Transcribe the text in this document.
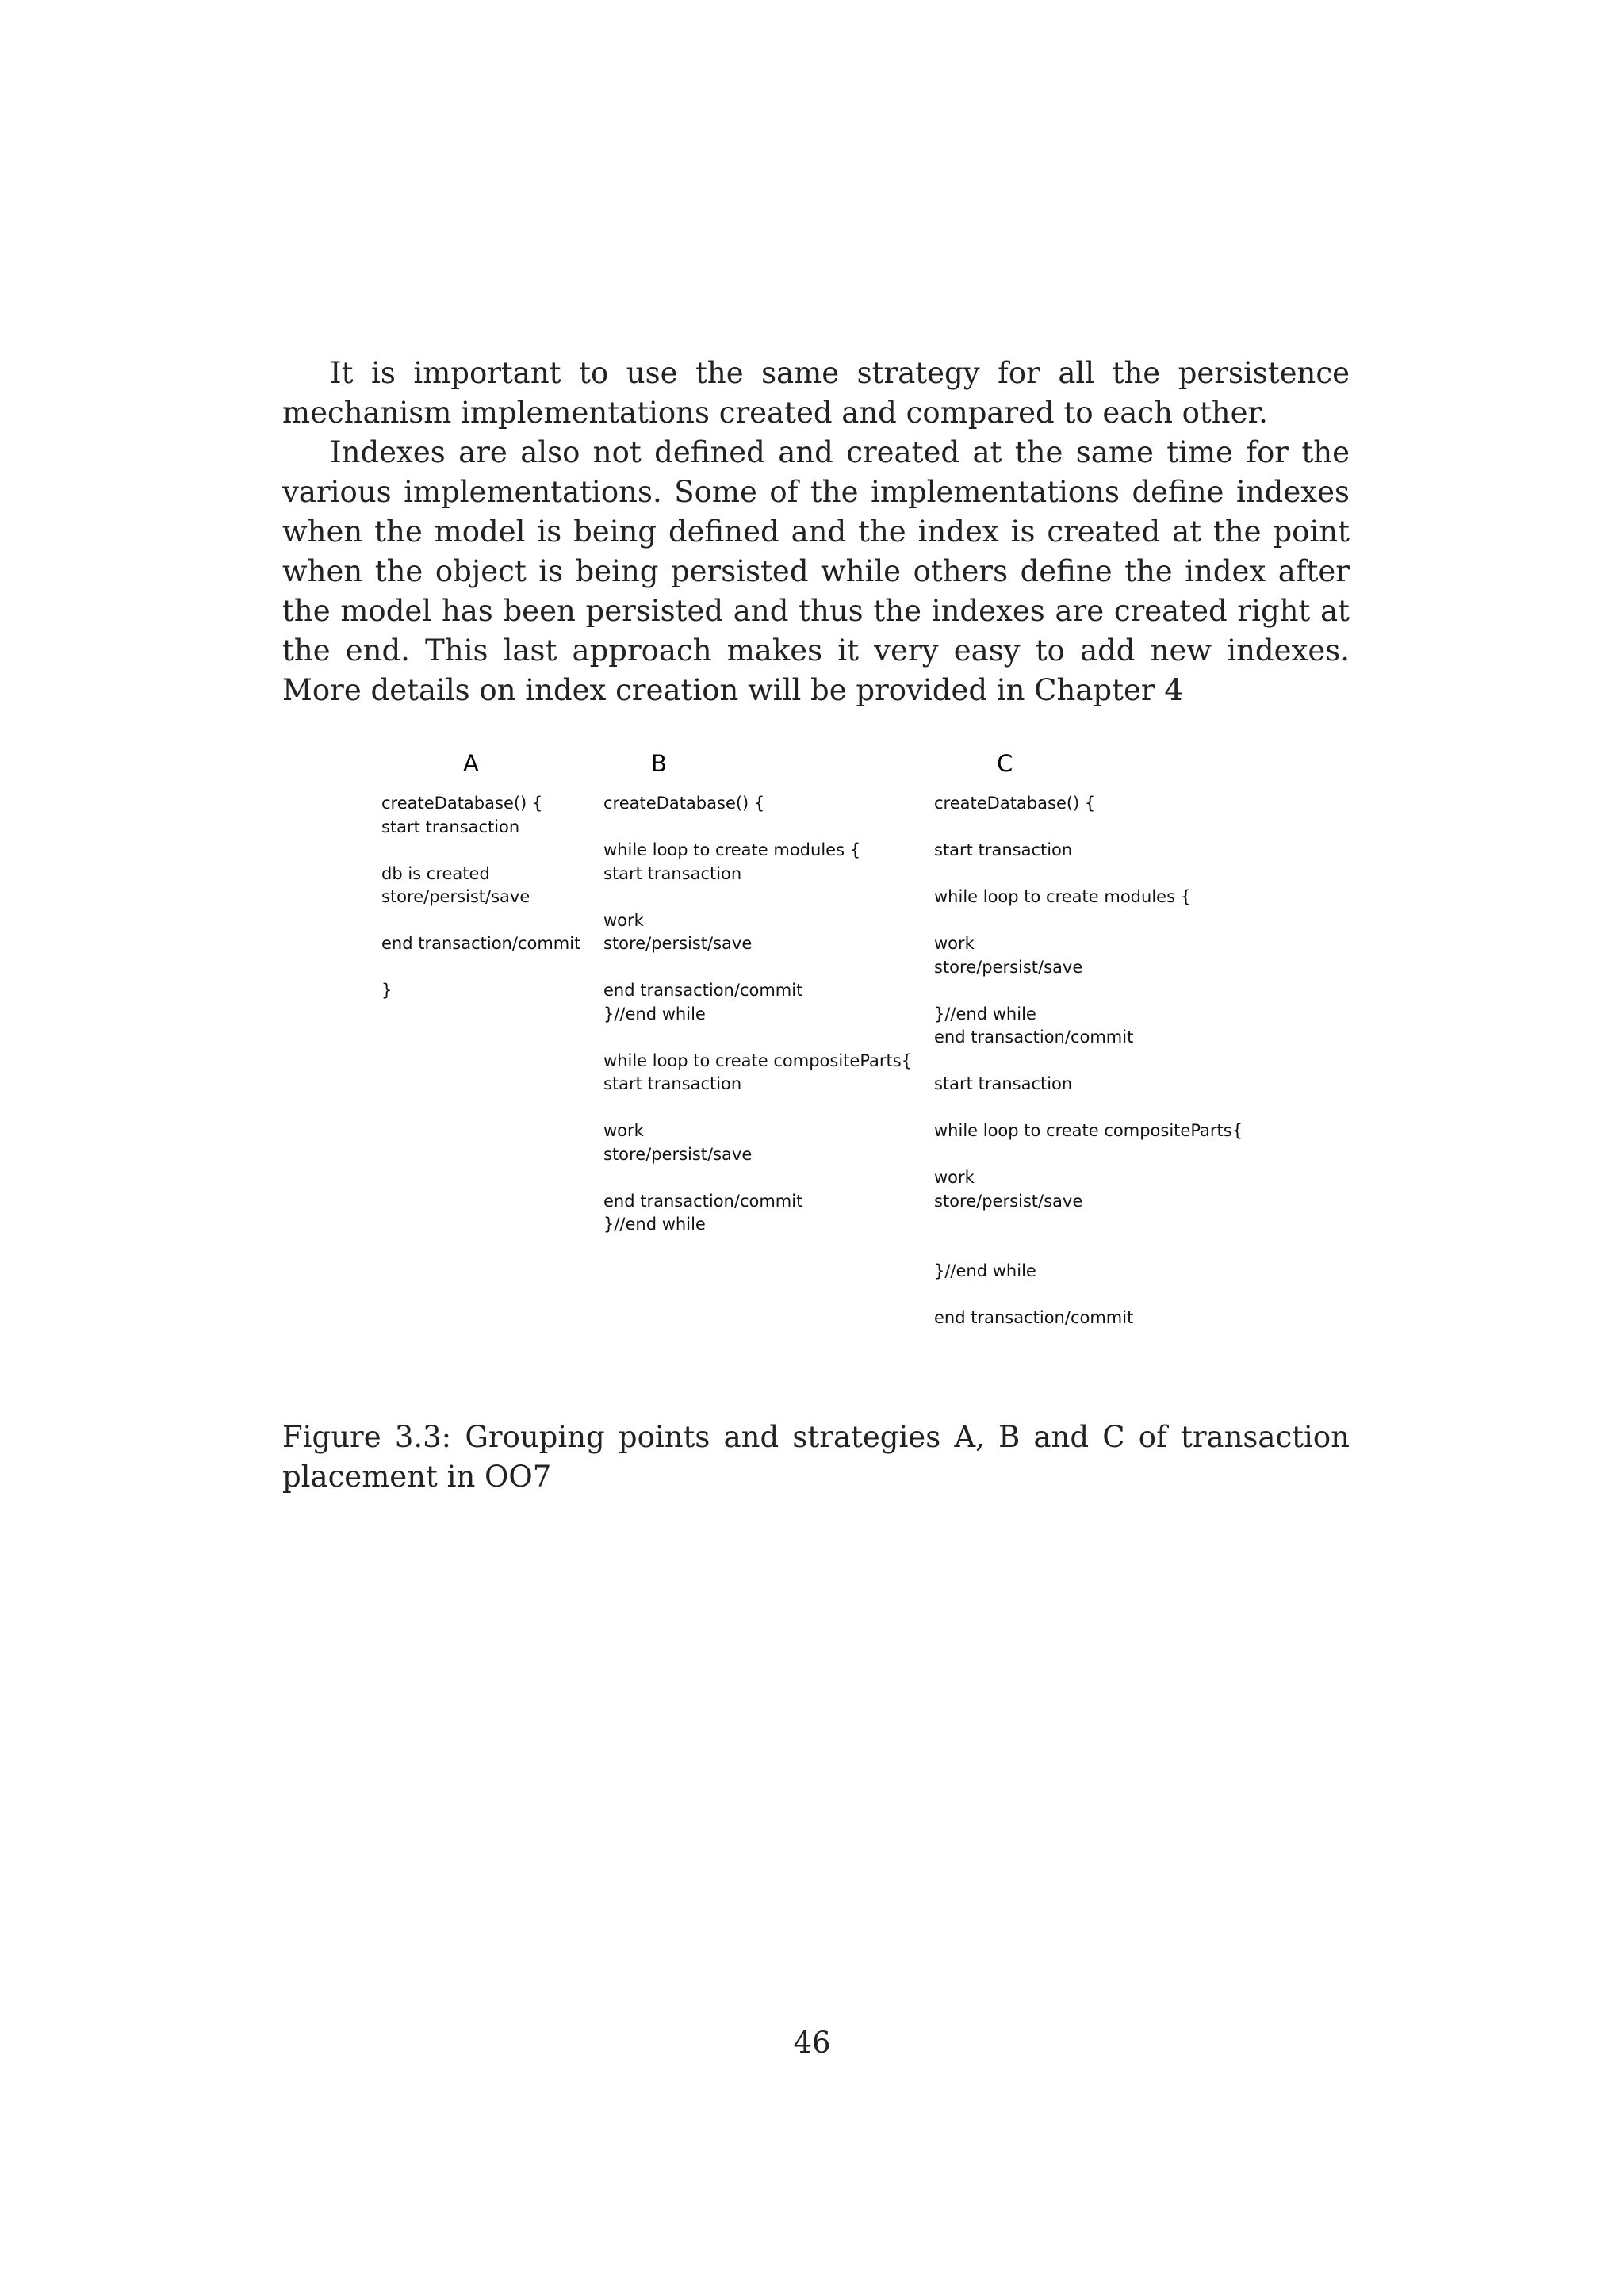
It is important to use the same strategy for all the persistence mechanism implementations created and compared to each other.

Indexes are also not defined and created at the same time for the various implementations. Some of the implementations define indexes when the model is being defined and the index is created at the point when the object is being persisted while others define the index after the model has been persisted and thus the indexes are created right at the end. This last approach makes it very easy to add new indexes. More details on index creation will be provided in Chapter 4

A	B	C
createDatabase() {
start transaction
db is created
store/persist/save
end transaction/commit
}
createDatabase() {
while loop to create modules {
start transaction
work
store/persist/save
end transaction/commit
}//end while
while loop to create compositeParts{
start transaction
work
store/persist/save
end transaction/commit
}//end while
createDatabase() {
start transaction
while loop to create modules {
work
store/persist/save
}//end while
end transaction/commit
start transaction
while loop to create compositeParts{
work
store/persist/save
}//end while
end transaction/commit

Figure 3.3: Grouping points and strategies A, B and C of transaction placement in OO7

46
